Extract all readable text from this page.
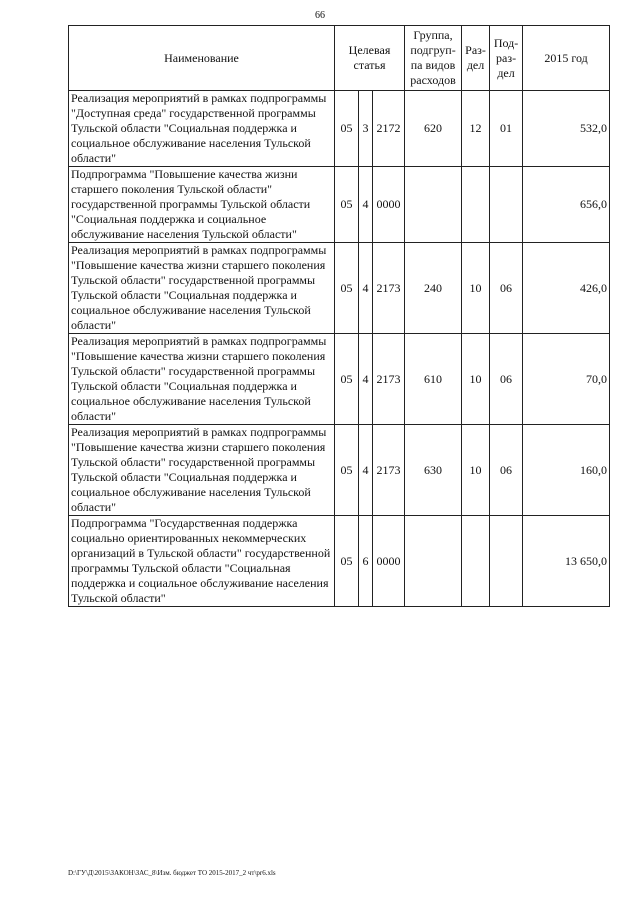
66
Наименование	Целевая статья			Группа, подгруп-па видов расходов	Раз-дел	Под-раз-дел	2015 год
Реализация мероприятий в рамках подпрограммы "Доступная среда" государственной программы Тульской области "Социальная поддержка и социальное обслуживание населения Тульской области"	05	3	2172	620	12	01	532,0
Подпрограмма "Повышение качества жизни старшего поколения Тульской области" государственной программы Тульской области "Социальная поддержка и социальное обслуживание населения Тульской области"	05	4	0000				656,0
Реализация мероприятий в рамках подпрограммы "Повышение качества жизни старшего поколения Тульской области" государственной программы Тульской области "Социальная поддержка и социальное обслуживание населения Тульской области"	05	4	2173	240	10	06	426,0
Реализация мероприятий в рамках подпрограммы "Повышение качества жизни старшего поколения Тульской области" государственной программы Тульской области "Социальная поддержка и социальное обслуживание населения Тульской области"	05	4	2173	610	10	06	70,0
Реализация мероприятий в рамках подпрограммы "Повышение качества жизни старшего поколения Тульской области" государственной программы Тульской области "Социальная поддержка и социальное обслуживание населения Тульской области"	05	4	2173	630	10	06	160,0
Подпрограмма "Государственная поддержка социально ориентированных некоммерческих организаций в Тульской области" государственной программы Тульской области "Социальная поддержка и социальное обслуживание населения Тульской области"	05	6	0000				13 650,0
D:\ГУ\Д\2015\ЗАКОН\ЗАС_8\Изм. бюджет ТО 2015-2017_2 чт\pr6.xls
